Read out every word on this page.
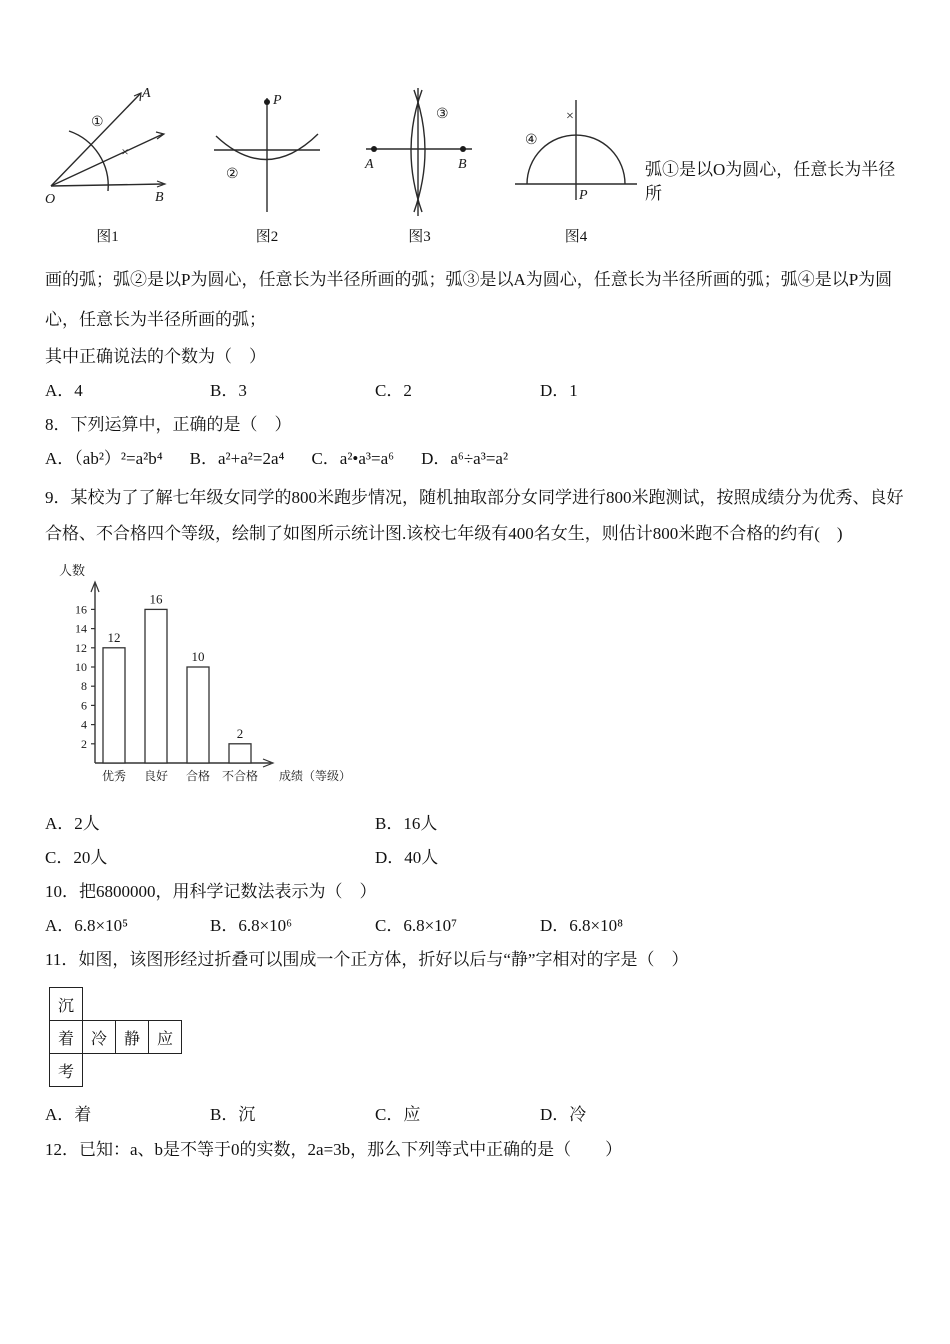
O
A
B
①
×
图1
P
②
图2
A	B
③
图3
×
P
④
图4
弧①是以O为圆心，任意长为半径所
画的弧；弧②是以P为圆心，任意长为半径所画的弧；弧③是以A为圆心，任意长为半径所画的弧；弧④是以P为圆
心，任意长为半径所画的弧；
其中正确说法的个数为（　）
A．4	B．3	C．2	D．1
8．下列运算中，正确的是（　）
A．（ab²）²=a²b⁴ B．a²+a²=2a⁴ C．a²•a³=a⁶ D．a⁶÷a³=a²
9．某校为了了解七年级女同学的800米跑步情况，随机抽取部分女同学进行800米跑测试，按照成绩分为优秀、良好
合格、不合格四个等级，绘制了如图所示统计图.该校七年级有400名女生，则估计800米跑不合格的约有(　)
人数
2
4
6
8
10
12
14
16
12
优秀
16
良好
10
合格
2
不合格 成绩（等级）
A．2人	B．16人
C．20人	D．40人
10．把6800000，用科学记数法表示为（　）
A．6.8×10⁵	B．6.8×10⁶	C．6.8×10⁷	D．6.8×10⁸
11．如图，该图形经过折叠可以围成一个正方体，折好以后与“静”字相对的字是（　）
沉
着	冷	静	应
考
A．着	B．沉	C．应	D．冷
12．已知：a、b是不等于0的实数，2a=3b，那么下列等式中正确的是（　　）
